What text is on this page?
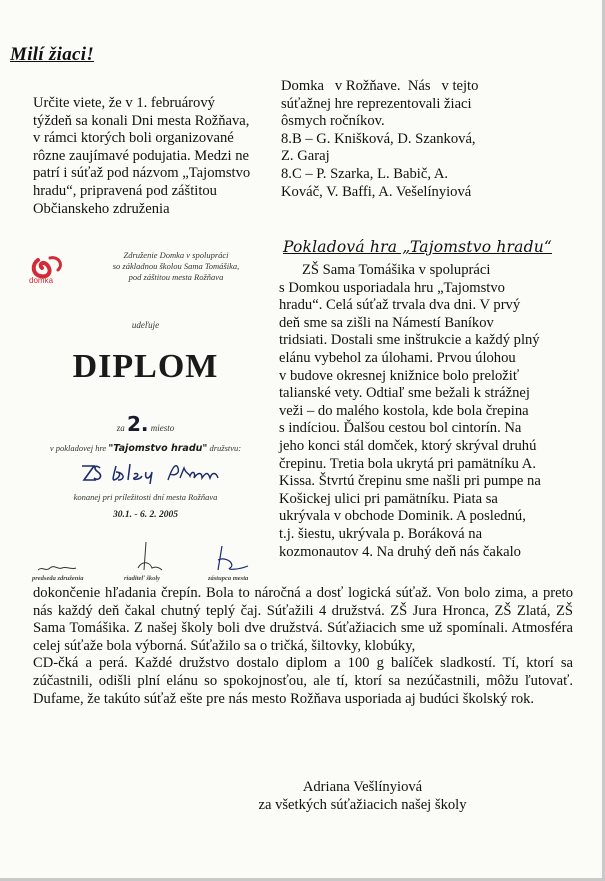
Milí žiaci!

Určite viete, že v 1. februárový týždeň sa konali Dni mesta Rožňava, v rámci ktorých boli organizované rôzne zaujímavé podujatia. Medzi ne patrí i súťaž pod názvom „Tajomstvo hradu“, pripravená pod záštitou Občianskeho združenia

Domka   v Rožňave.  Nás   v tejto
súťažnej hre reprezentovali žiaci
ôsmych ročníkov.
8.B – G. Knišková, D. Szanková,
Z. Garaj
8.C – P. Szarka, L. Babič, A.
Kováč, V. Baffi, A. Vešelínyiová
Pokladová hra „Tajomstvo hradu“
ZŠ Sama Tomášika v spolupráci
s Domkou usporiadala hru „Tajomstvo
hradu“. Celá súťaž trvala dva dni. V prvý
deň sme sa zišli na Námestí Baníkov
tridsiati. Dostali sme inštrukcie a každý plný
elánu vybehol za úlohami. Prvou úlohou
v budove okresnej knižnice bolo preložiť
talianské vety. Odtiaľ sme bežali k strážnej
veži – do malého kostola, kde bola črepina
s indíciou. Ďalšou cestou bol cintorín. Na
jeho konci stál domček, ktorý skrýval druhú
črepinu. Tretia bola ukrytá pri pamätníku A.
Kissa. Štvrtú črepinu sme našli pri pumpe na
Košickej ulici pri pamätníku. Piata sa
ukrývala v obchode Dominik. A poslednú,
t.j. šiestu, ukrývala p. Boráková na
kozmonautov 4. Na druhý deň nás čakalo
domka
Združenie Domka v spolupráci
so základnou školou Sama Tomášika,
pod záštitou mesta Rožňava
udeľuje
DIPLOM
za 2. miesto
v pokladovej hre "Tajomstvo hradu" družstvu:
konanej pri príležitosti dní mesta Rožňava
30.1. - 6. 2. 2005
predseda združenia	riaditeľ školy	zástupca mesta

dokončenie hľadania črepín. Bola to náročná a dosť logická súťaž. Von bolo zima, a preto nás každý deň čakal chutný teplý čaj. Súťažili 4 družstvá. ZŠ Jura Hronca, ZŠ Zlatá, ZŠ Sama Tomášika. Z našej školy boli dve družstvá. Súťažiacich sme už spomínali. Atmosféra celej súťaže bola výborná. Súťažilo sa o tričká, šiltovky, klobúky,

CD-čká a perá. Každé družstvo dostalo diplom a 100 g balíček sladkostí. Tí, ktorí sa zúčastnili, odišli plní elánu so spokojnosťou, ale tí, ktorí sa nezúčastnili, môžu ľutovať. Dufame, že takúto súťaž ešte pre nás mesto Rožňava usporiada aj budúci školský rok.

Adriana Vešlínyiová
za všetkých súťažiacich našej školy
